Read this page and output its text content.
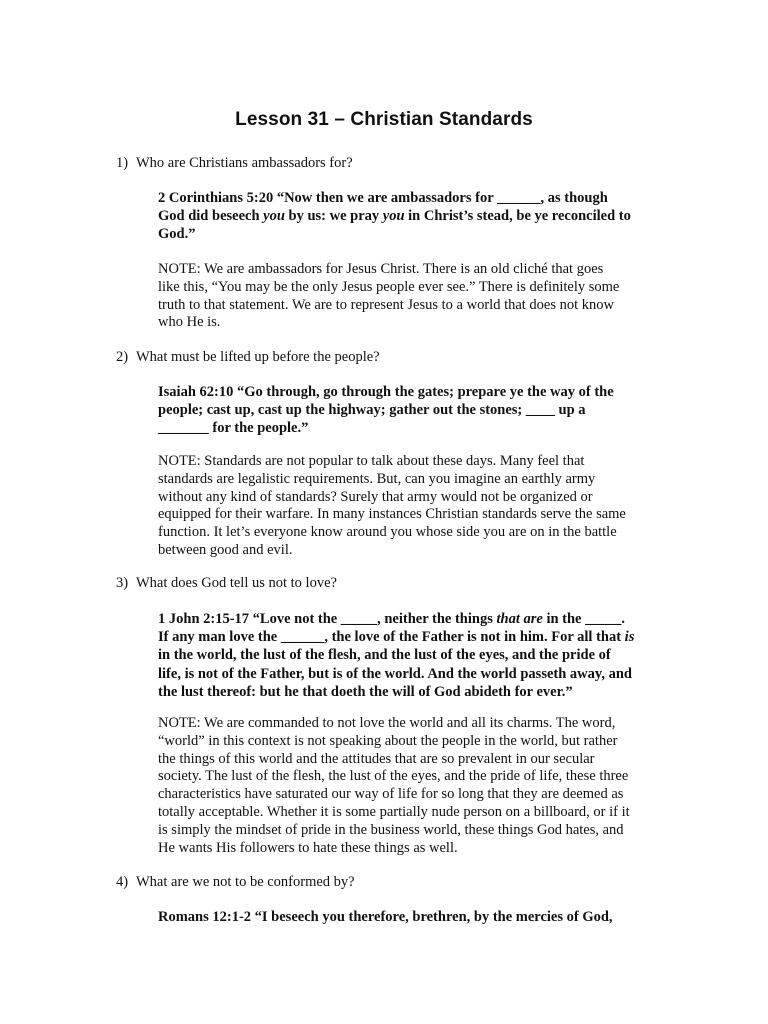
Lesson 31 – Christian Standards
1) Who are Christians ambassadors for?
2 Corinthians 5:20 “Now then we are ambassadors for ______, as though
God did beseech you by us: we pray you in Christ’s stead, be ye reconciled to
God.”
NOTE: We are ambassadors for Jesus Christ. There is an old cliché that goes
like this, “You may be the only Jesus people ever see.” There is definitely some
truth to that statement. We are to represent Jesus to a world that does not know
who He is.
2) What must be lifted up before the people?
Isaiah 62:10 “Go through, go through the gates; prepare ye the way of the
people; cast up, cast up the highway; gather out the stones; ____ up a
_______ for the people.”
NOTE: Standards are not popular to talk about these days. Many feel that
standards are legalistic requirements. But, can you imagine an earthly army
without any kind of standards? Surely that army would not be organized or
equipped for their warfare. In many instances Christian standards serve the same
function. It let’s everyone know around you whose side you are on in the battle
between good and evil.
3) What does God tell us not to love?
1 John 2:15-17 “Love not the _____, neither the things that are in the _____.
If any man love the ______, the love of the Father is not in him. For all that is
in the world, the lust of the flesh, and the lust of the eyes, and the pride of
life, is not of the Father, but is of the world. And the world passeth away, and
the lust thereof: but he that doeth the will of God abideth for ever.”
NOTE: We are commanded to not love the world and all its charms. The word,
“world” in this context is not speaking about the people in the world, but rather
the things of this world and the attitudes that are so prevalent in our secular
society. The lust of the flesh, the lust of the eyes, and the pride of life, these three
characteristics have saturated our way of life for so long that they are deemed as
totally acceptable. Whether it is some partially nude person on a billboard, or if it
is simply the mindset of pride in the business world, these things God hates, and
He wants His followers to hate these things as well.
4) What are we not to be conformed by?
Romans 12:1-2 “I beseech you therefore, brethren, by the mercies of God,
